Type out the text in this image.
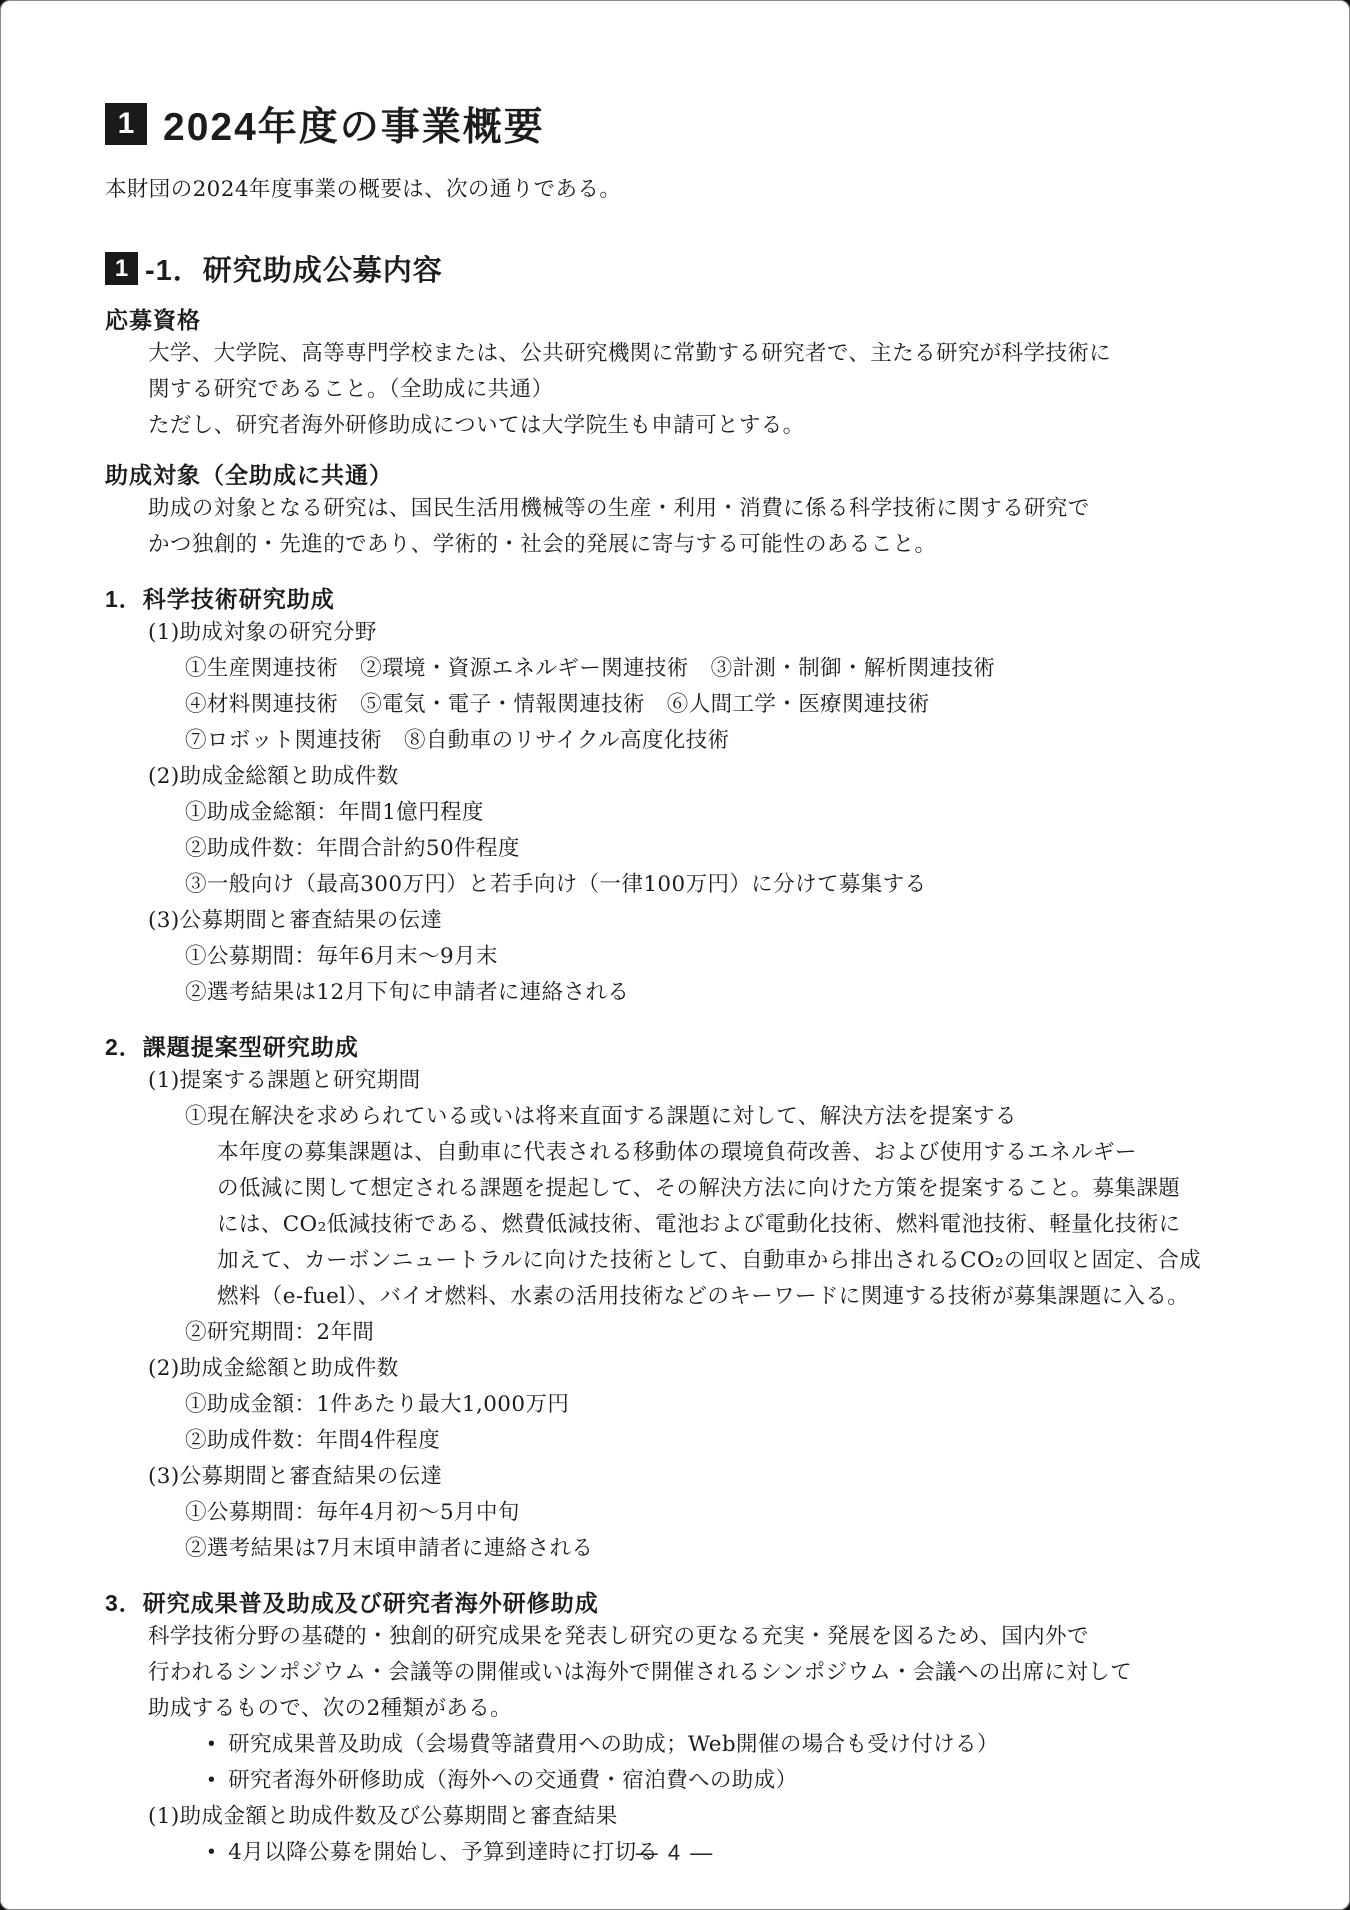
1 2024年度の事業概要
本財団の2024年度事業の概要は、次の通りである。
1 -1．研究助成公募内容
応募資格
大学、大学院、高等専門学校または、公共研究機関に常勤する研究者で、主たる研究が科学技術に
関する研究であること。（全助成に共通）
ただし、研究者海外研修助成については大学院生も申請可とする。
助成対象（全助成に共通）
助成の対象となる研究は、国民生活用機械等の生産・利用・消費に係る科学技術に関する研究で
かつ独創的・先進的であり、学術的・社会的発展に寄与する可能性のあること。
1．科学技術研究助成
(1)助成対象の研究分野
①生産関連技術　②環境・資源エネルギー関連技術　③計測・制御・解析関連技術
④材料関連技術　⑤電気・電子・情報関連技術　⑥人間工学・医療関連技術
⑦ロボット関連技術　⑧自動車のリサイクル高度化技術
(2)助成金総額と助成件数
①助成金総額：年間1億円程度
②助成件数：年間合計約50件程度
③一般向け（最高300万円）と若手向け（一律100万円）に分けて募集する
(3)公募期間と審査結果の伝達
①公募期間：毎年6月末～9月末
②選考結果は12月下旬に申請者に連絡される
2．課題提案型研究助成
(1)提案する課題と研究期間
①現在解決を求められている或いは将来直面する課題に対して、解決方法を提案する
本年度の募集課題は、自動車に代表される移動体の環境負荷改善、および使用するエネルギー
の低減に関して想定される課題を提起して、その解決方法に向けた方策を提案すること。募集課題
には、CO₂低減技術である、燃費低減技術、電池および電動化技術、燃料電池技術、軽量化技術に
加えて、カーボンニュートラルに向けた技術として、自動車から排出されるCO₂の回収と固定、合成
燃料（e-fuel）、バイオ燃料、水素の活用技術などのキーワードに関連する技術が募集課題に入る。
②研究期間：2年間
(2)助成金総額と助成件数
①助成金額：1件あたり最大1,000万円
②助成件数：年間4件程度
(3)公募期間と審査結果の伝達
①公募期間：毎年4月初～5月中旬
②選考結果は7月末頃申請者に連絡される
3．研究成果普及助成及び研究者海外研修助成
科学技術分野の基礎的・独創的研究成果を発表し研究の更なる充実・発展を図るため、国内外で
行われるシンポジウム・会議等の開催或いは海外で開催されるシンポジウム・会議への出席に対して
助成するもので、次の2種類がある。
• 研究成果普及助成（会場費等諸費用への助成；Web開催の場合も受け付ける）
• 研究者海外研修助成（海外への交通費・宿泊費への助成）
(1)助成金額と助成件数及び公募期間と審査結果
• 4月以降公募を開始し、予算到達時に打切る
— 4 —
